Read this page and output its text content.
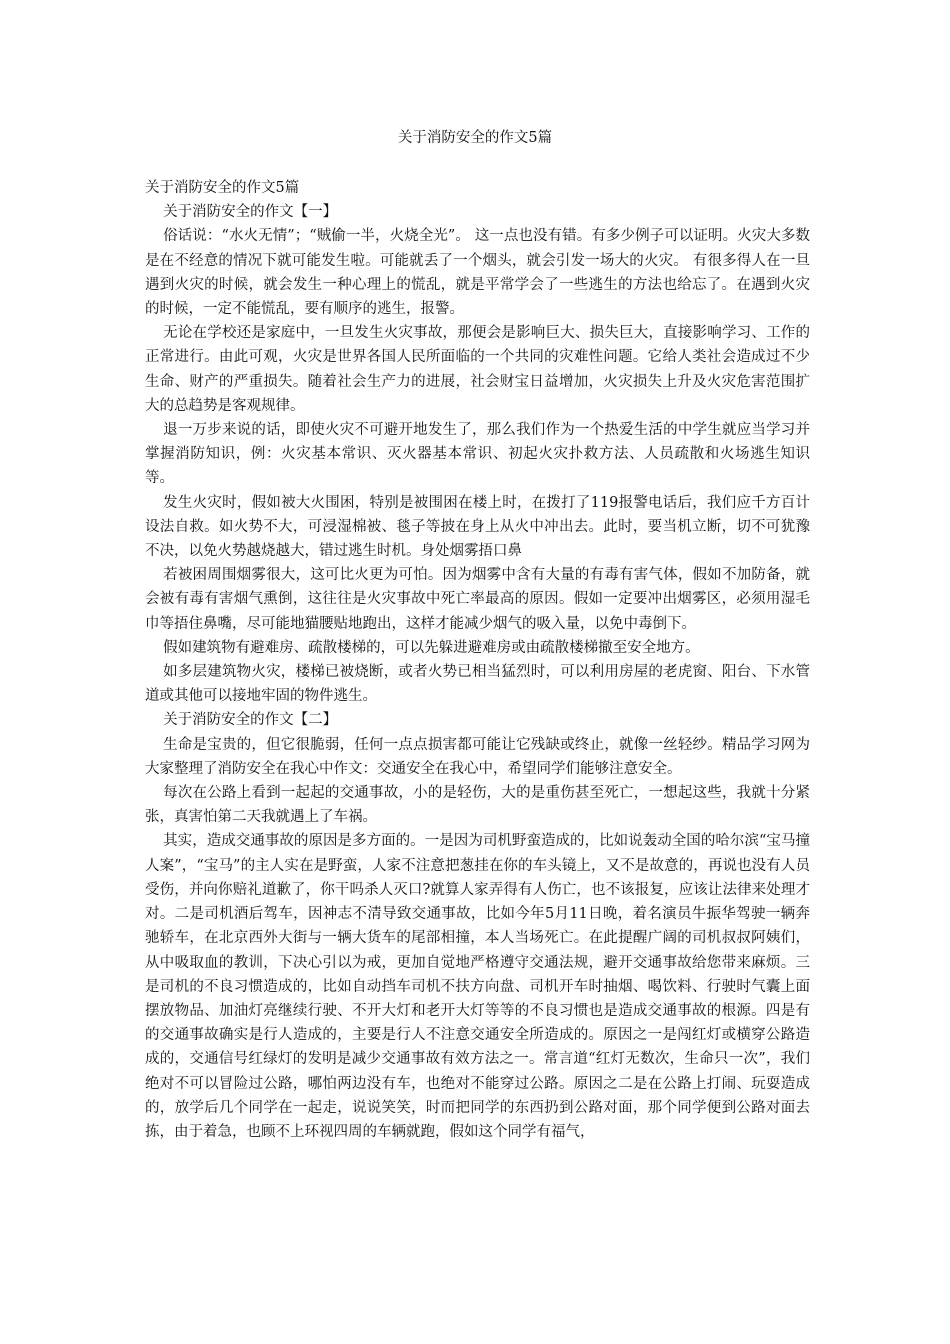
关于消防安全的作文5篇

关于消防安全的作文5篇

关于消防安全的作文【一】

俗话说：“水火无情”；“贼偷一半，火烧全光”。 这一点也没有错。有多少例子可以证明。火灾大多数是在不经意的情况下就可能发生啦。可能就丢了一个烟头，就会引发一场大的火灾。 有很多得人在一旦遇到火灾的时候，就会发生一种心理上的慌乱，就是平常学会了一些逃生的方法也给忘了。在遇到火灾的时候，一定不能慌乱，要有顺序的逃生，报警。

无论在学校还是家庭中，一旦发生火灾事故，那便会是影响巨大、损失巨大，直接影响学习、工作的正常进行。由此可观，火灾是世界各国人民所面临的一个共同的灾难性问题。它给人类社会造成过不少生命、财产的严重损失。随着社会生产力的进展，社会财宝日益增加，火灾损失上升及火灾危害范围扩大的总趋势是客观规律。

退一万步来说的话，即使火灾不可避开地发生了，那么我们作为一个热爱生活的中学生就应当学习并掌握消防知识，例：火灾基本常识、灭火器基本常识、初起火灾扑救方法、人员疏散和火场逃生知识等。

发生火灾时，假如被大火围困，特别是被围困在楼上时，在拨打了119报警电话后，我们应千方百计设法自救。如火势不大，可浸湿棉被、毯子等披在身上从火中冲出去。此时，要当机立断，切不可犹豫不决，以免火势越烧越大，错过逃生时机。身处烟雾捂口鼻

若被困周围烟雾很大，这可比火更为可怕。因为烟雾中含有大量的有毒有害气体，假如不加防备，就会被有毒有害烟气熏倒，这往往是火灾事故中死亡率最高的原因。假如一定要冲出烟雾区，必须用湿毛巾等捂住鼻嘴，尽可能地猫腰贴地跑出，这样才能减少烟气的吸入量，以免中毒倒下。

假如建筑物有避难房、疏散楼梯的，可以先躲进避难房或由疏散楼梯撤至安全地方。

如多层建筑物火灾，楼梯已被烧断，或者火势已相当猛烈时，可以利用房屋的老虎窗、阳台、下水管道或其他可以接地牢固的物件逃生。

关于消防安全的作文【二】

生命是宝贵的，但它很脆弱，任何一点点损害都可能让它残缺或终止，就像一丝轻纱。精品学习网为大家整理了消防安全在我心中作文：交通安全在我心中，希望同学们能够注意安全。

每次在公路上看到一起起的交通事故，小的是轻伤，大的是重伤甚至死亡，一想起这些，我就十分紧张，真害怕第二天我就遇上了车祸。

其实，造成交通事故的原因是多方面的。一是因为司机野蛮造成的，比如说轰动全国的哈尔滨“宝马撞人案”，“宝马”的主人实在是野蛮，人家不注意把葱挂在你的车头镜上，又不是故意的，再说也没有人员受伤，并向你赔礼道歉了，你干吗杀人灭口?就算人家弄得有人伤亡，也不该报复，应该让法律来处理才对。二是司机酒后驾车，因神志不清导致交通事故，比如今年5月11日晚，着名演员牛振华驾驶一辆奔驰轿车，在北京西外大街与一辆大货车的尾部相撞，本人当场死亡。在此提醒广阔的司机叔叔阿姨们，从中吸取血的教训，下决心引以为戒，更加自觉地严格遵守交通法规，避开交通事故给您带来麻烦。三是司机的不良习惯造成的，比如自动挡车司机不扶方向盘、司机开车时抽烟、喝饮料、行驶时气囊上面摆放物品、加油灯亮继续行驶、不开大灯和老开大灯等等的不良习惯也是造成交通事故的根源。四是有的交通事故确实是行人造成的，主要是行人不注意交通安全所造成的。原因之一是闯红灯或横穿公路造成的，交通信号红绿灯的发明是减少交通事故有效方法之一。常言道“红灯无数次，生命只一次”，我们绝对不可以冒险过公路，哪怕两边没有车，也绝对不能穿过公路。原因之二是在公路上打闹、玩耍造成的，放学后几个同学在一起走，说说笑笑，时而把同学的东西扔到公路对面，那个同学便到公路对面去拣，由于着急，也顾不上环视四周的车辆就跑，假如这个同学有福气，
